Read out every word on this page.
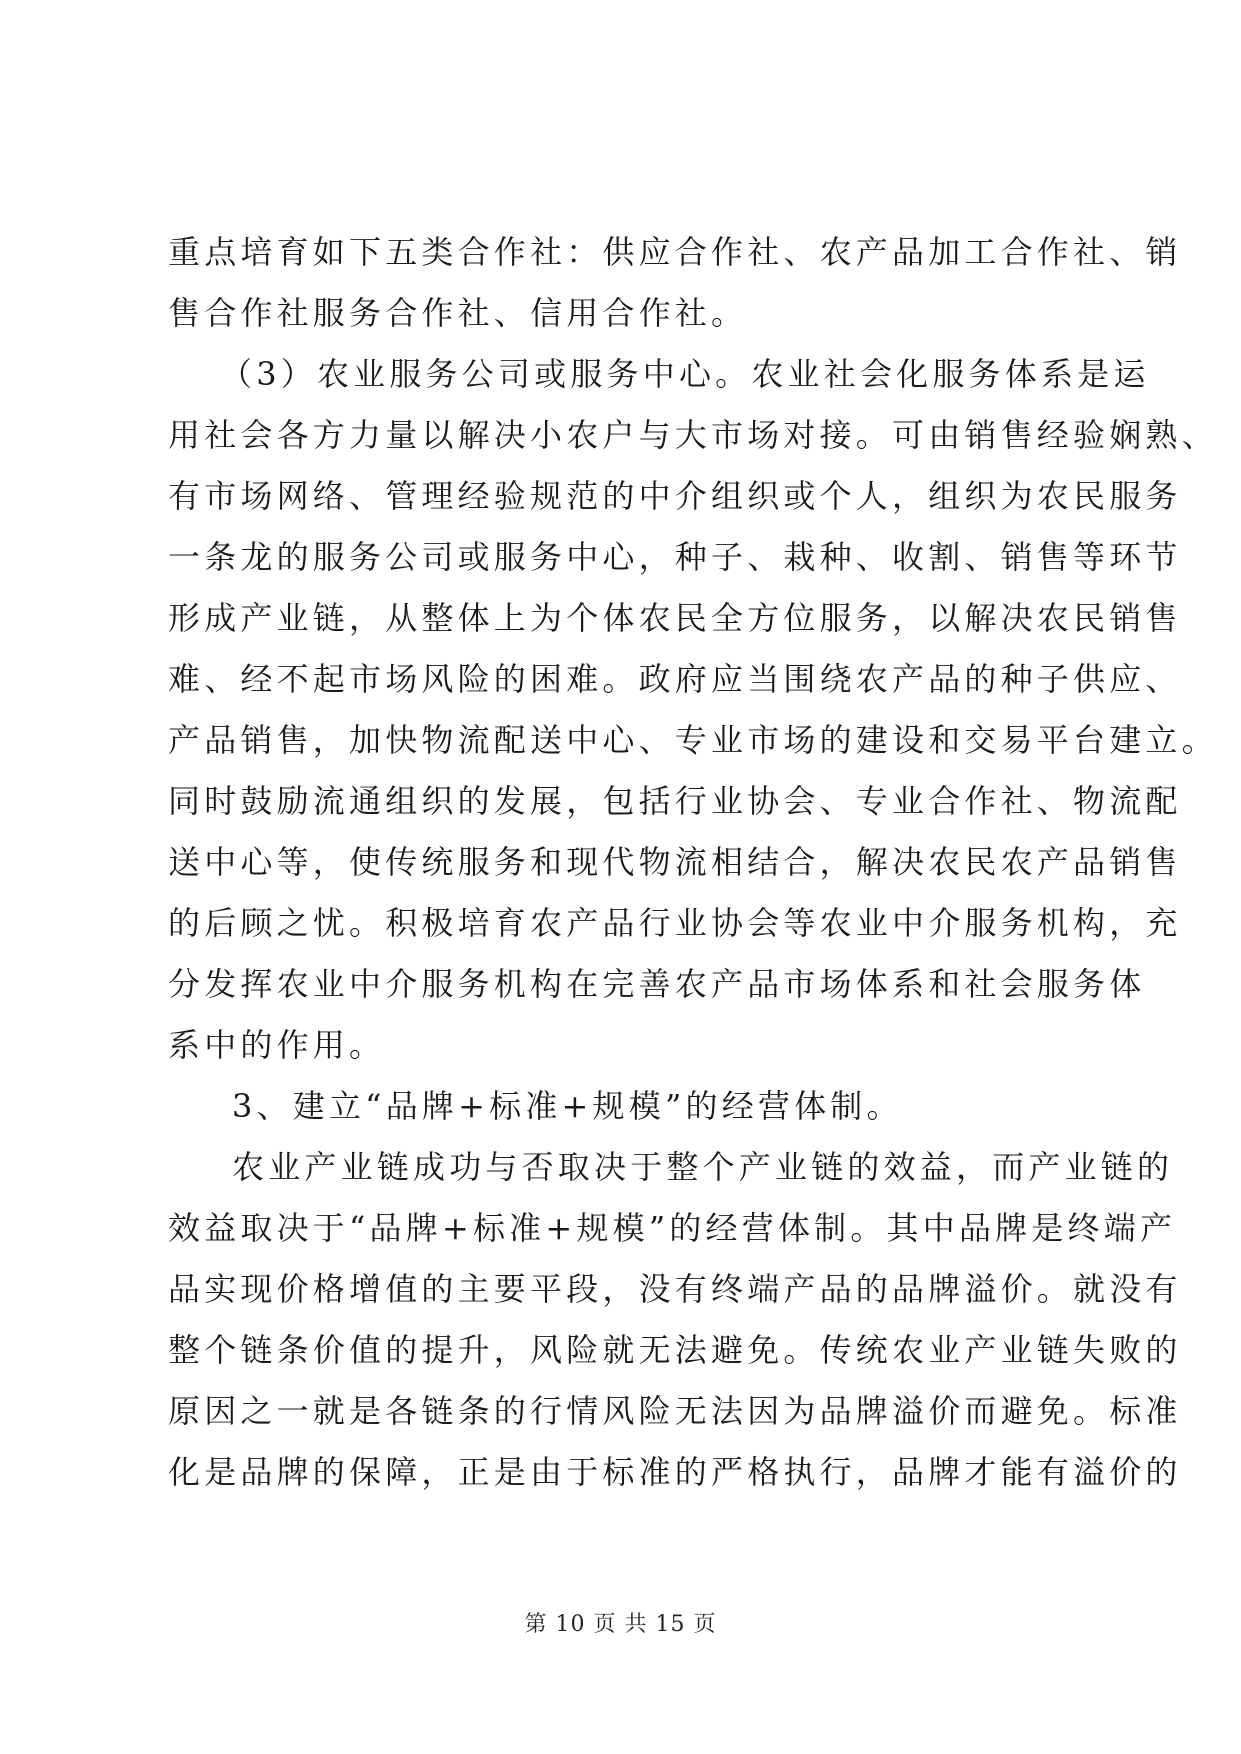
重点培育如下五类合作社：供应合作社、农产品加工合作社、销
售合作社服务合作社、信用合作社。
（3）农业服务公司或服务中心。农业社会化服务体系是运
用社会各方力量以解决小农户与大市场对接。可由销售经验娴熟、
有市场网络、管理经验规范的中介组织或个人，组织为农民服务
一条龙的服务公司或服务中心，种子、栽种、收割、销售等环节
形成产业链，从整体上为个体农民全方位服务，以解决农民销售
难、经不起市场风险的困难。政府应当围绕农产品的种子供应、
产品销售，加快物流配送中心、专业市场的建设和交易平台建立。
同时鼓励流通组织的发展，包括行业协会、专业合作社、物流配
送中心等，使传统服务和现代物流相结合，解决农民农产品销售
的后顾之忧。积极培育农产品行业协会等农业中介服务机构，充
分发挥农业中介服务机构在完善农产品市场体系和社会服务体
系中的作用。
3、建立“品牌+标准+规模”的经营体制。
农业产业链成功与否取决于整个产业链的效益，而产业链的
效益取决于“品牌+标准+规模”的经营体制。其中品牌是终端产
品实现价格增值的主要平段，没有终端产品的品牌溢价。就没有
整个链条价值的提升，风险就无法避免。传统农业产业链失败的
原因之一就是各链条的行情风险无法因为品牌溢价而避免。标准
化是品牌的保障，正是由于标准的严格执行，品牌才能有溢价的
第 10 页 共 15 页
